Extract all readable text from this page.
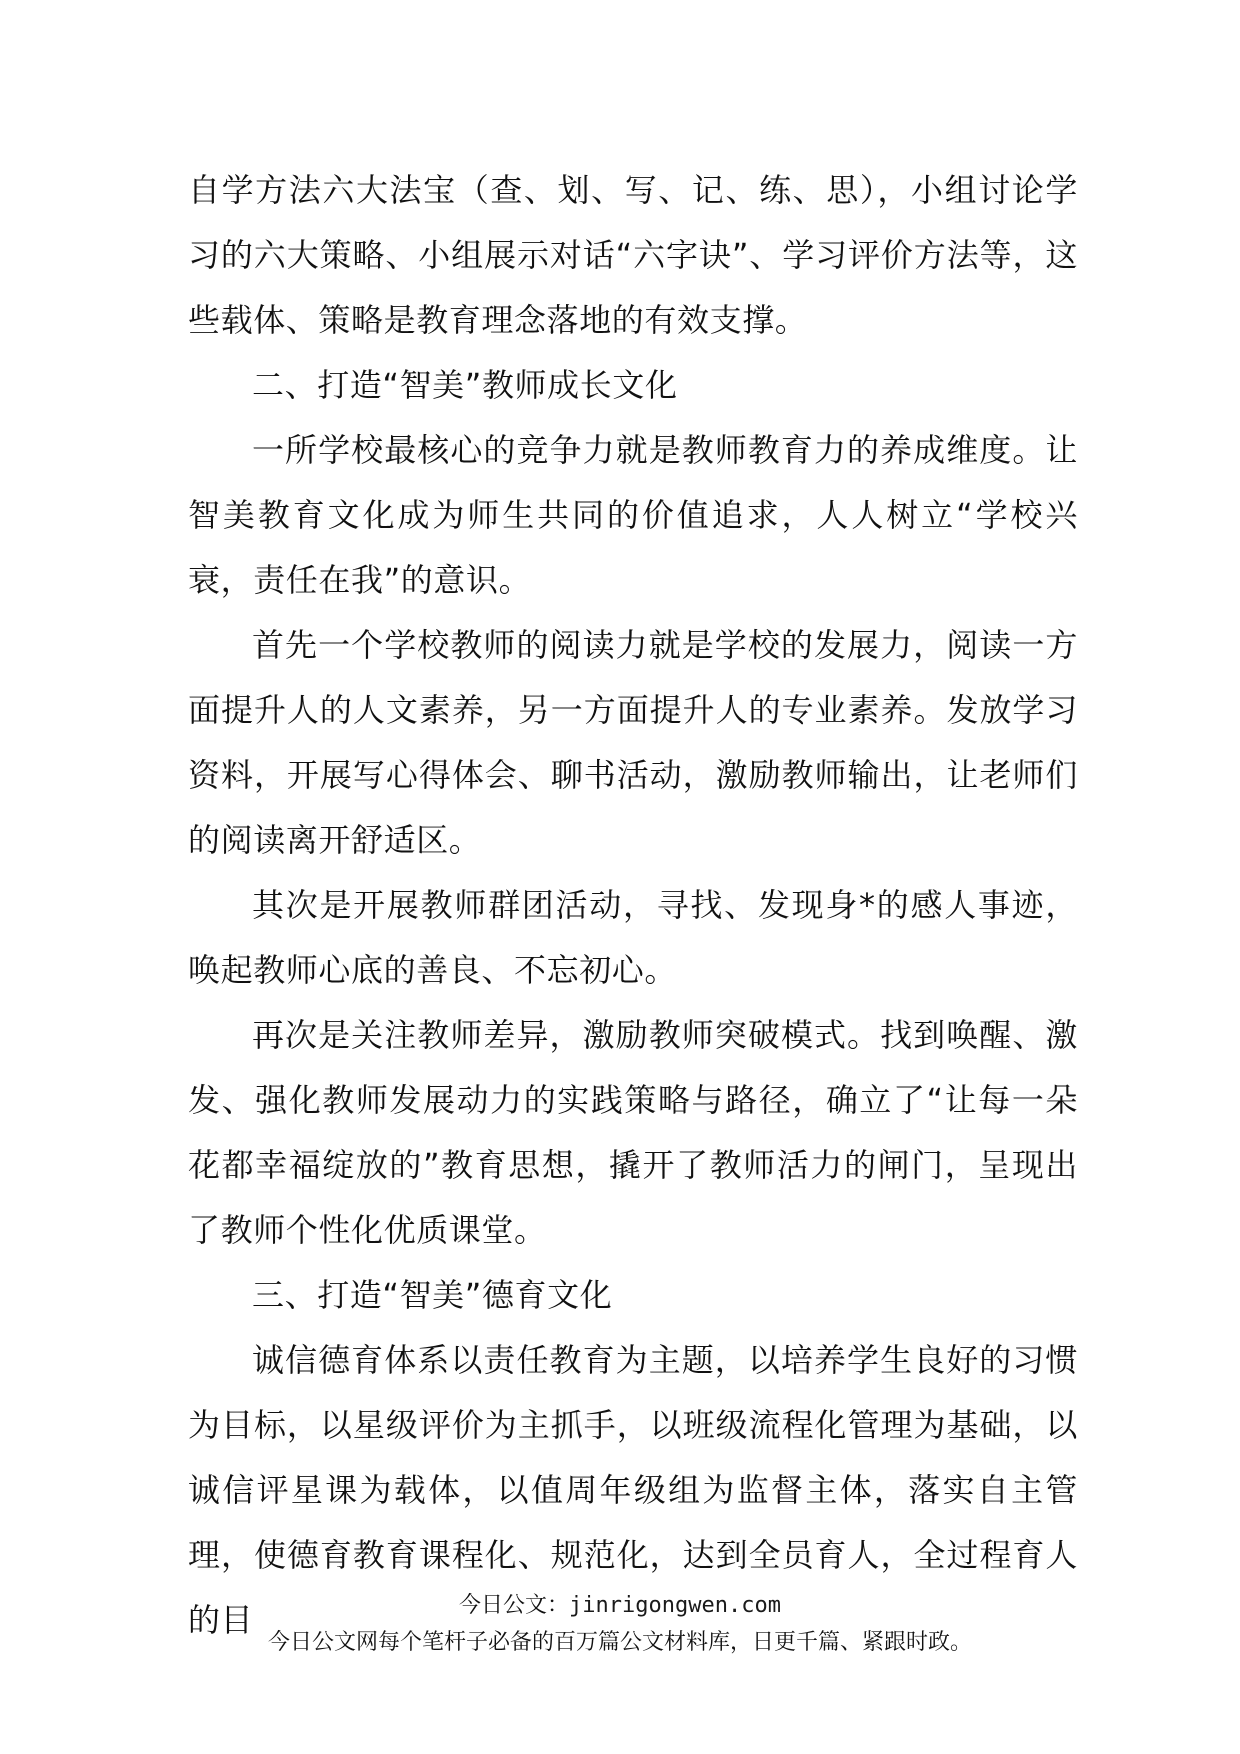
自学方法六大法宝（查、划、写、记、练、思），小组讨论学习的六大策略、小组展示对话“六字诀”、学习评价方法等，这些载体、策略是教育理念落地的有效支撑。

二、打造“智美”教师成长文化

一所学校最核心的竞争力就是教师教育力的养成维度。让智美教育文化成为师生共同的价值追求，人人树立“学校兴衰，责任在我”的意识。

首先一个学校教师的阅读力就是学校的发展力，阅读一方面提升人的人文素养，另一方面提升人的专业素养。发放学习资料，开展写心得体会、聊书活动，激励教师输出，让老师们的阅读离开舒适区。

其次是开展教师群团活动，寻找、发现身*的感人事迹，唤起教师心底的善良、不忘初心。

再次是关注教师差异，激励教师突破模式。找到唤醒、激发、强化教师发展动力的实践策略与路径，确立了“让每一朵花都幸福绽放的”教育思想，撬开了教师活力的闸门，呈现出了教师个性化优质课堂。

三、打造“智美”德育文化

诚信德育体系以责任教育为主题，以培养学生良好的习惯为目标，以星级评价为主抓手，以班级流程化管理为基础，以诚信评星课为载体，以值周年级组为监督主体，落实自主管理，使德育教育课程化、规范化，达到全员育人，全过程育人的目	今日公文：jinrigongwen.com
今日公文网每个笔杆子必备的百万篇公文材料库，日更千篇、紧跟时政。
